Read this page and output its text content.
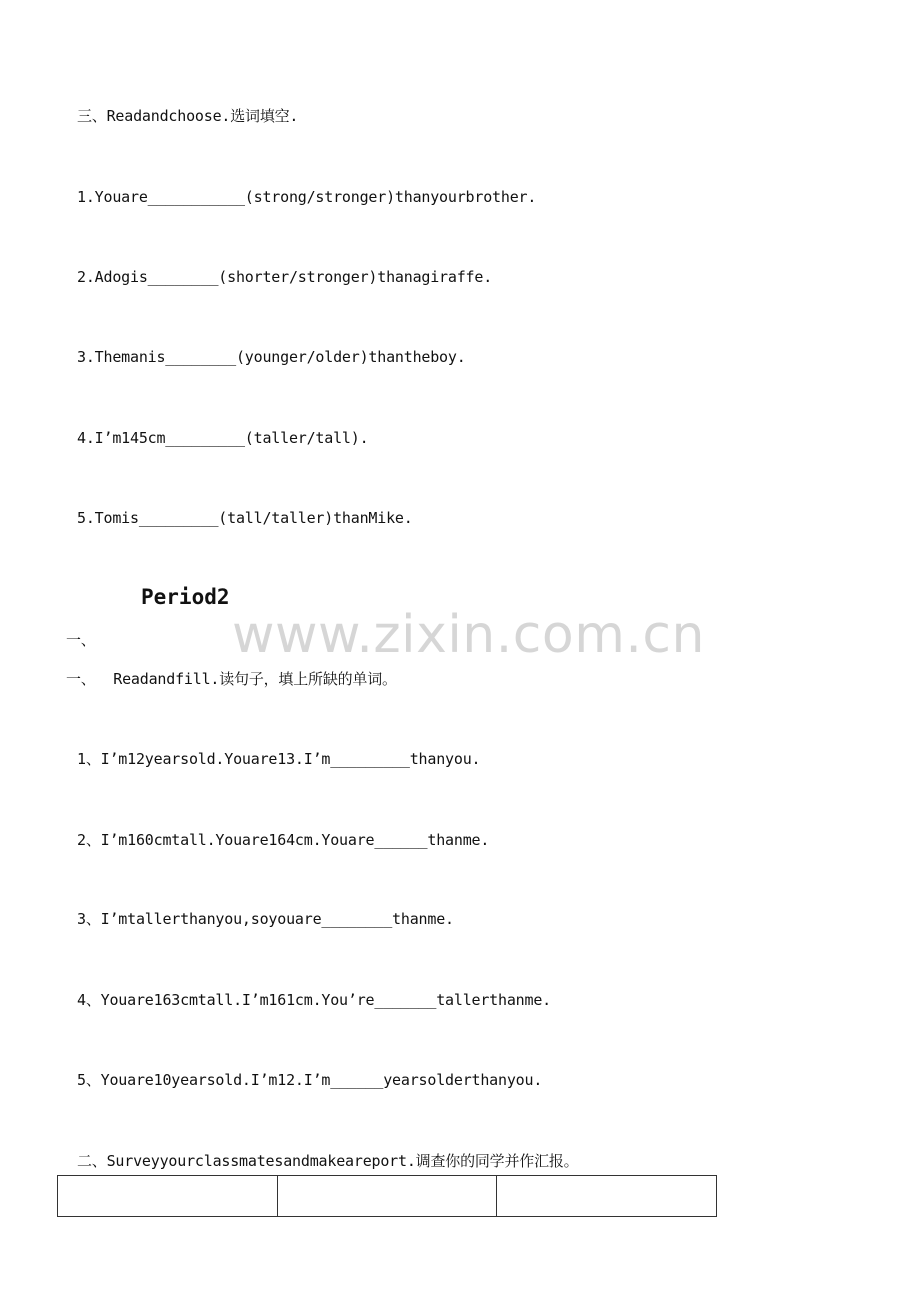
三、Readandchoose.选词填空.
1.Youare___________(strong/stronger)thanyourbrother.
2.Adogis________(shorter/stronger)thanagiraffe.
3.Themanis________(younger/older)thantheboy.
4.I’m145cm_________(taller/tall).
5.Tomis_________(tall/taller)thanMike.
Period2
www.zixin.com.cn
一、
一、  Readandfill.读句子，填上所缺的单词。
1、I’m12yearsold.Youare13.I’m_________thanyou.
2、I’m160cmtall.Youare164cm.Youare______thanme.
3、I’mtallerthanyou,soyouare________thanme.
4、Youare163cmtall.I’m161cm.You’re_______tallerthanme.
5、Youare10yearsold.I’m12.I’m______yearsolderthanyou.
二、Surveyyourclassmatesandmakeareport.调查你的同学并作汇报。
